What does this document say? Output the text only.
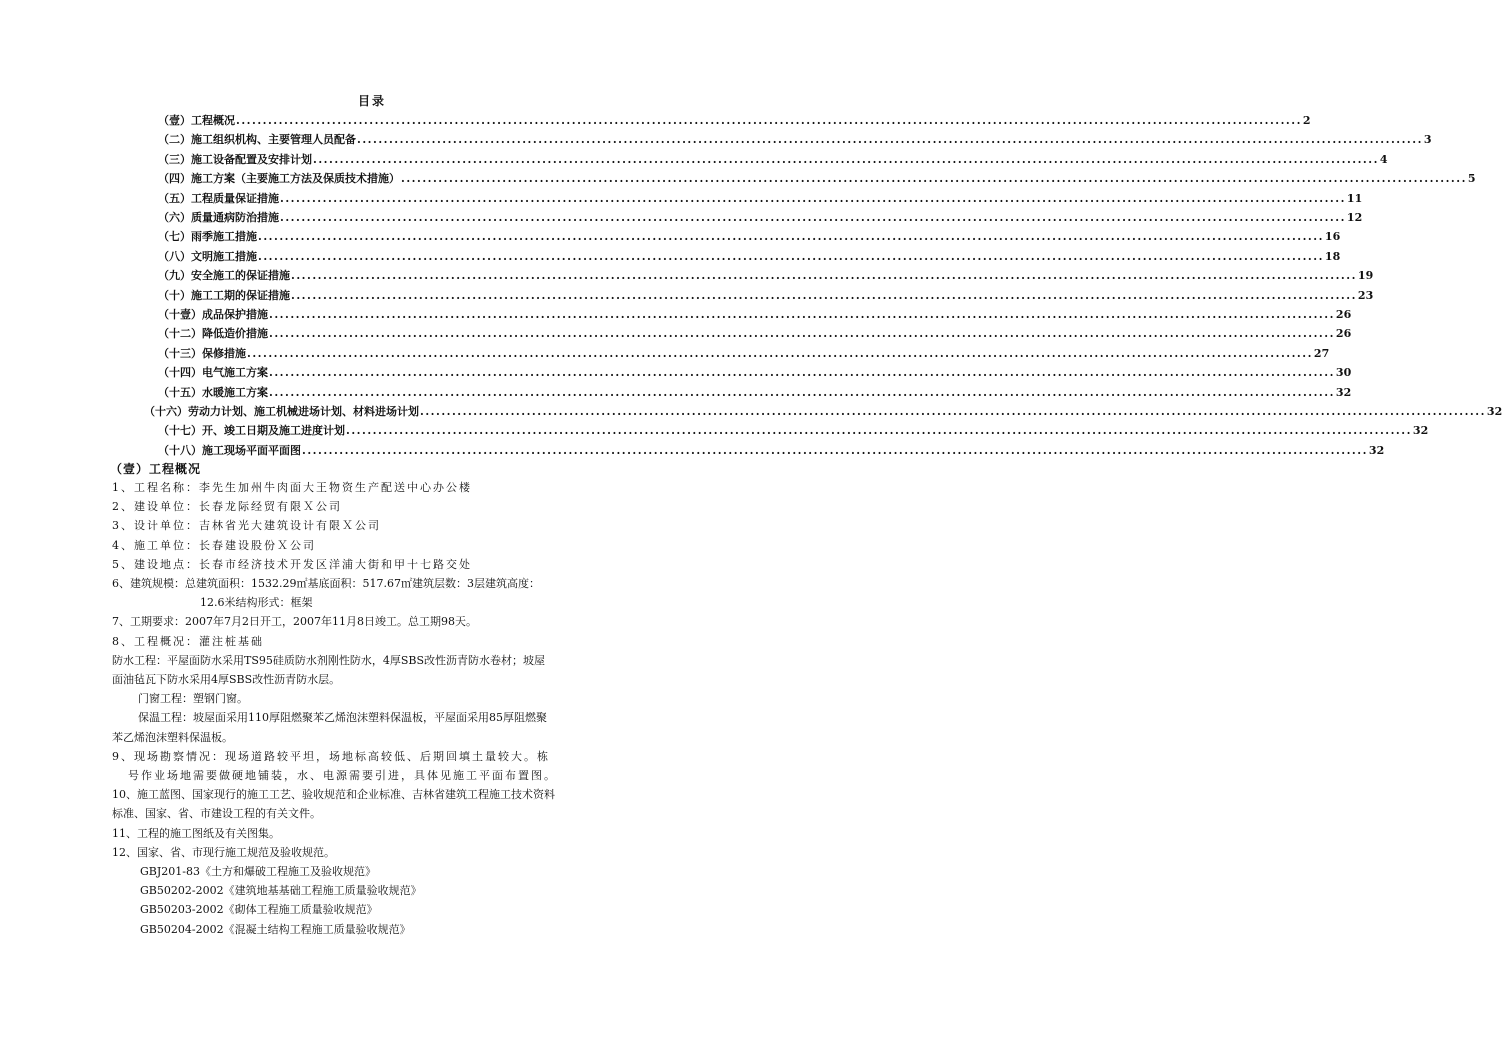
目录
（壹）工程概况 ........................................................................................................................................................................................................ 2
（二）施工组织机构、主要管理人员配备 ........................................................................................................................................................................................................ 3
（三）施工设备配置及安排计划 ........................................................................................................................................................................................................ 4
（四）施工方案（主要施工方法及保质技术措施） ........................................................................................................................................................................................................ 5
（五）工程质量保证措施 ........................................................................................................................................................................................................ 11
（六）质量通病防治措施 ........................................................................................................................................................................................................ 12
（七）雨季施工措施 ........................................................................................................................................................................................................ 16
（八）文明施工措施 ........................................................................................................................................................................................................ 18
（九）安全施工的保证措施 ........................................................................................................................................................................................................ 19
（十）施工工期的保证措施 ........................................................................................................................................................................................................ 23
（十壹）成品保护措施 ........................................................................................................................................................................................................ 26
（十二）降低造价措施 ........................................................................................................................................................................................................ 26
（十三）保修措施 ........................................................................................................................................................................................................ 27
（十四）电气施工方案 ........................................................................................................................................................................................................ 30
（十五）水暖施工方案 ........................................................................................................................................................................................................ 32
（十六）劳动力计划、施工机械进场计划、材料进场计划 ........................................................................................................................................................................................................ 32
（十七）开、竣工日期及施工进度计划 ........................................................................................................................................................................................................ 32
（十八）施工现场平面平面图 ........................................................................................................................................................................................................ 32
（壹）工程概况

1、工程名称：李先生加州牛肉面大王物资生产配送中心办公楼

2、建设单位：长春龙际经贸有限Ｘ公司

3、设计单位：吉林省光大建筑设计有限Ｘ公司

4、施工单位：长春建设股份Ｘ公司

5、建设地点：长春市经济技术开发区洋浦大街和甲十七路交处

6、建筑规模：总建筑面积：1532.29㎡基底面积：517.67㎡建筑层数：3层建筑高度：

12.6米结构形式：框架

7、工期要求：2007年7月2日开工，2007年11月8日竣工。总工期98天。

8、工程概况：灌注桩基础

防水工程：平屋面防水采用TS95硅质防水剂刚性防水，4厚SBS改性沥青防水卷材；坡屋

面油毡瓦下防水采用4厚SBS改性沥青防水层。

门窗工程：塑钢门窗。

保温工程：坡屋面采用110厚阻燃聚苯乙烯泡沫塑料保温板，平屋面采用85厚阻燃聚

苯乙烯泡沫塑料保温板。

9、现场勘察情况：现场道路较平坦，场地标高较低、后期回填土量较大。栋

号作业场地需要做硬地铺装，水、电源需要引进，具体见施工平面布置图。

10、施工蓝图、国家现行的施工工艺、验收规范和企业标准、吉林省建筑工程施工技术资料

标准、国家、省、市建设工程的有关文件。

11、工程的施工图纸及有关图集。

12、国家、省、市现行施工规范及验收规范。

GBJ201-83《土方和爆破工程施工及验收规范》

GB50202-2002《建筑地基基础工程施工质量验收规范》

GB50203-2002《砌体工程施工质量验收规范》

GB50204-2002《混凝土结构工程施工质量验收规范》
